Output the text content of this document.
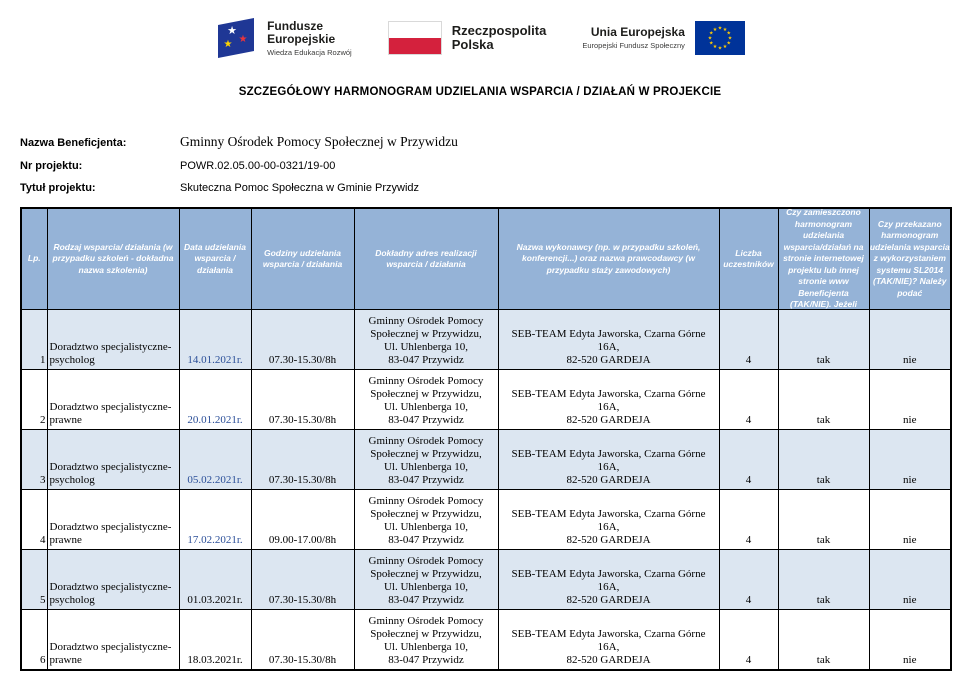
★
★
★
Fundusze
Europejskie
Wiedza Edukacja Rozwój
Rzeczpospolita
Polska
Unia Europejska
Europejski Fundusz Społeczny
★ ★
★
★
★
★
★
★
★
★
★
★
SZCZEGÓŁOWY HARMONOGRAM UDZIELANIA WSPARCIA / DZIAŁAŃ W PROJEKCIE
Nazwa Beneficjenta:	Gminny Ośrodek Pomocy Społecznej w Przywidzu
Nr projektu:	POWR.02.05.00-00-0321/19-00
Tytuł projektu:	Skuteczna Pomoc Społeczna w Gminie Przywidz
Lp.	Rodzaj wsparcia/ działania (w przypadku szkoleń - dokładna nazwa szkolenia)	Data udzielania wsparcia / działania	Godziny udzielania wsparcia / działania	Dokładny adres realizacji wsparcia / działania	Nazwa wykonawcy (np. w przypadku szkoleń, konferencji...) oraz nazwa prawcodawcy (w przypadku staży zawodowych)	Liczba uczestników	Czy zamieszczono harmonogram udzielania wsparcia/działań na stronie internetowej projektu lub innej stronie www Beneficjenta (TAK/NIE). Jeżeli	Czy przekazano harmonogram udzielania wsparcia z wykorzystaniem systemu SL2014 (TAK/NIE)? Należy podać

1	Doradztwo specjalistyczne-psycholog	14.01.2021r.	07.30-15.30/8h	Gminny Ośrodek Pomocy
Społecznej w Przywidzu,
Ul. Uhlenberga 10,
83-047 Przywidz	SEB-TEAM Edyta Jaworska, Czarna Górne 16A,
82-520 GARDEJA	4	tak	nie
2	Doradztwo specjalistyczne-prawne	20.01.2021r.	07.30-15.30/8h	Gminny Ośrodek Pomocy
Społecznej w Przywidzu,
Ul. Uhlenberga 10,
83-047 Przywidz	SEB-TEAM Edyta Jaworska, Czarna Górne 16A,
82-520 GARDEJA	4	tak	nie
3	Doradztwo specjalistyczne-psycholog	05.02.2021r.	07.30-15.30/8h	Gminny Ośrodek Pomocy
Społecznej w Przywidzu,
Ul. Uhlenberga 10,
83-047 Przywidz	SEB-TEAM Edyta Jaworska, Czarna Górne 16A,
82-520 GARDEJA	4	tak	nie
4	Doradztwo specjalistyczne-prawne	17.02.2021r.	09.00-17.00/8h	Gminny Ośrodek Pomocy
Społecznej w Przywidzu,
Ul. Uhlenberga 10,
83-047 Przywidz	SEB-TEAM Edyta Jaworska, Czarna Górne 16A,
82-520 GARDEJA	4	tak	nie
5	Doradztwo specjalistyczne-psycholog	01.03.2021r.	07.30-15.30/8h	Gminny Ośrodek Pomocy
Społecznej w Przywidzu,
Ul. Uhlenberga 10,
83-047 Przywidz	SEB-TEAM Edyta Jaworska, Czarna Górne 16A,
82-520 GARDEJA	4	tak	nie
6	Doradztwo specjalistyczne-prawne	18.03.2021r.	07.30-15.30/8h	Gminny Ośrodek Pomocy
Społecznej w Przywidzu,
Ul. Uhlenberga 10,
83-047 Przywidz	SEB-TEAM Edyta Jaworska, Czarna Górne 16A,
82-520 GARDEJA	4	tak	nie
